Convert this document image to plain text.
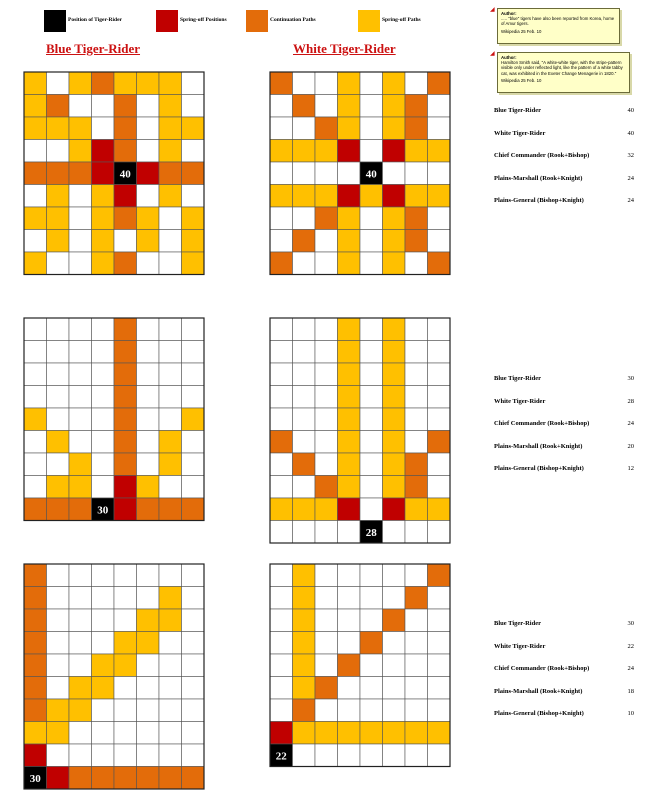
Position of Tiger-Rider	Spring-off Positions	Continuation Paths	Spring-off Paths
Blue Tiger-Rider	White Tiger-Rider
◢
Author:
..... "blue" tigers have also been reported from Korea, home of Amur tigers.
Wikipedia 25 Feb. 10
◢
Author:
Hamilton Smith said, "A white-white tiger, with the stripe-pattern visible only under reflected light, like the pattern of a white tabby cat, was exhibited in the Exeter Change Menagerie in 1820."
Wikipedia 25 Feb. 10
40	40
30
28
30
22
Blue Tiger-Rider	40
White Tiger-Rider	40
Chief Commander (Rook+Bishop)	32
Plains-Marshall (Rook+Knight)	24
Plains-General (Bishop+Knight)	24
Blue Tiger-Rider	30
White Tiger-Rider	28
Chief Commander (Rook+Bishop)	24
Plains-Marshall (Rook+Knight)	20
Plains-General (Bishop+Knight)	12
Blue Tiger-Rider	30
White Tiger-Rider	22
Chief Commander (Rook+Bishop)	24
Plains-Marshall (Rook+Knight)	18
Plains-General (Bishop+Knight)	10
